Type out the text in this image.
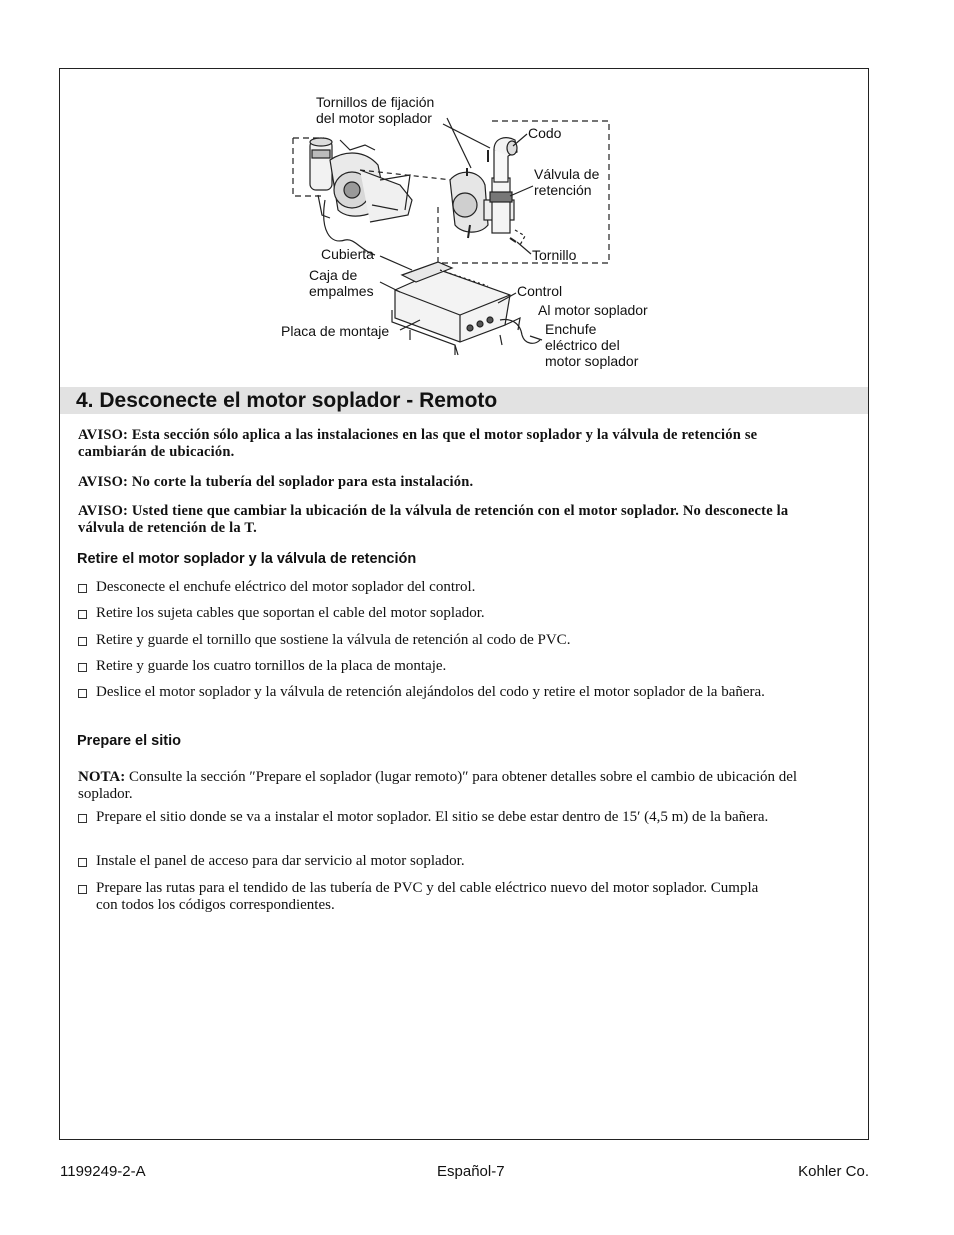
Tornillos de fijación
del motor soplador
Codo
Válvula de
retención
Tornillo
Cubierta
Caja de
empalmes	Control
Al motor soplador
Placa de montaje	Enchufe
eléctrico del
motor soplador
4. Desconecte el motor soplador - Remoto
AVISO: Esta sección sólo aplica a las instalaciones en las que el motor soplador y la válvula de retención se cambiarán de ubicación.
AVISO: No corte la tubería del soplador para esta instalación.
AVISO: Usted tiene que cambiar la ubicación de la válvula de retención con el motor soplador. No desconecte la válvula de retención de la T.
Retire el motor soplador y la válvula de retención
Desconecte el enchufe eléctrico del motor soplador del control.
Retire los sujeta cables que soportan el cable del motor soplador.
Retire y guarde el tornillo que sostiene la válvula de retención al codo de PVC.
Retire y guarde los cuatro tornillos de la placa de montaje.
Deslice el motor soplador y la válvula de retención alejándolos del codo y retire el motor soplador de la bañera.
Prepare el sitio
NOTA: Consulte la sección ″Prepare el soplador (lugar remoto)″ para obtener detalles sobre el cambio de ubicación del soplador.
Prepare el sitio donde se va a instalar el motor soplador. El sitio se debe estar dentro de 15′ (4,5 m) de la bañera.
Instale el panel de acceso para dar servicio al motor soplador.
Prepare las rutas para el tendido de las tubería de PVC y del cable eléctrico nuevo del motor soplador. Cumpla con todos los códigos correspondientes.
1199249-2-A	Español-7	Kohler Co.
